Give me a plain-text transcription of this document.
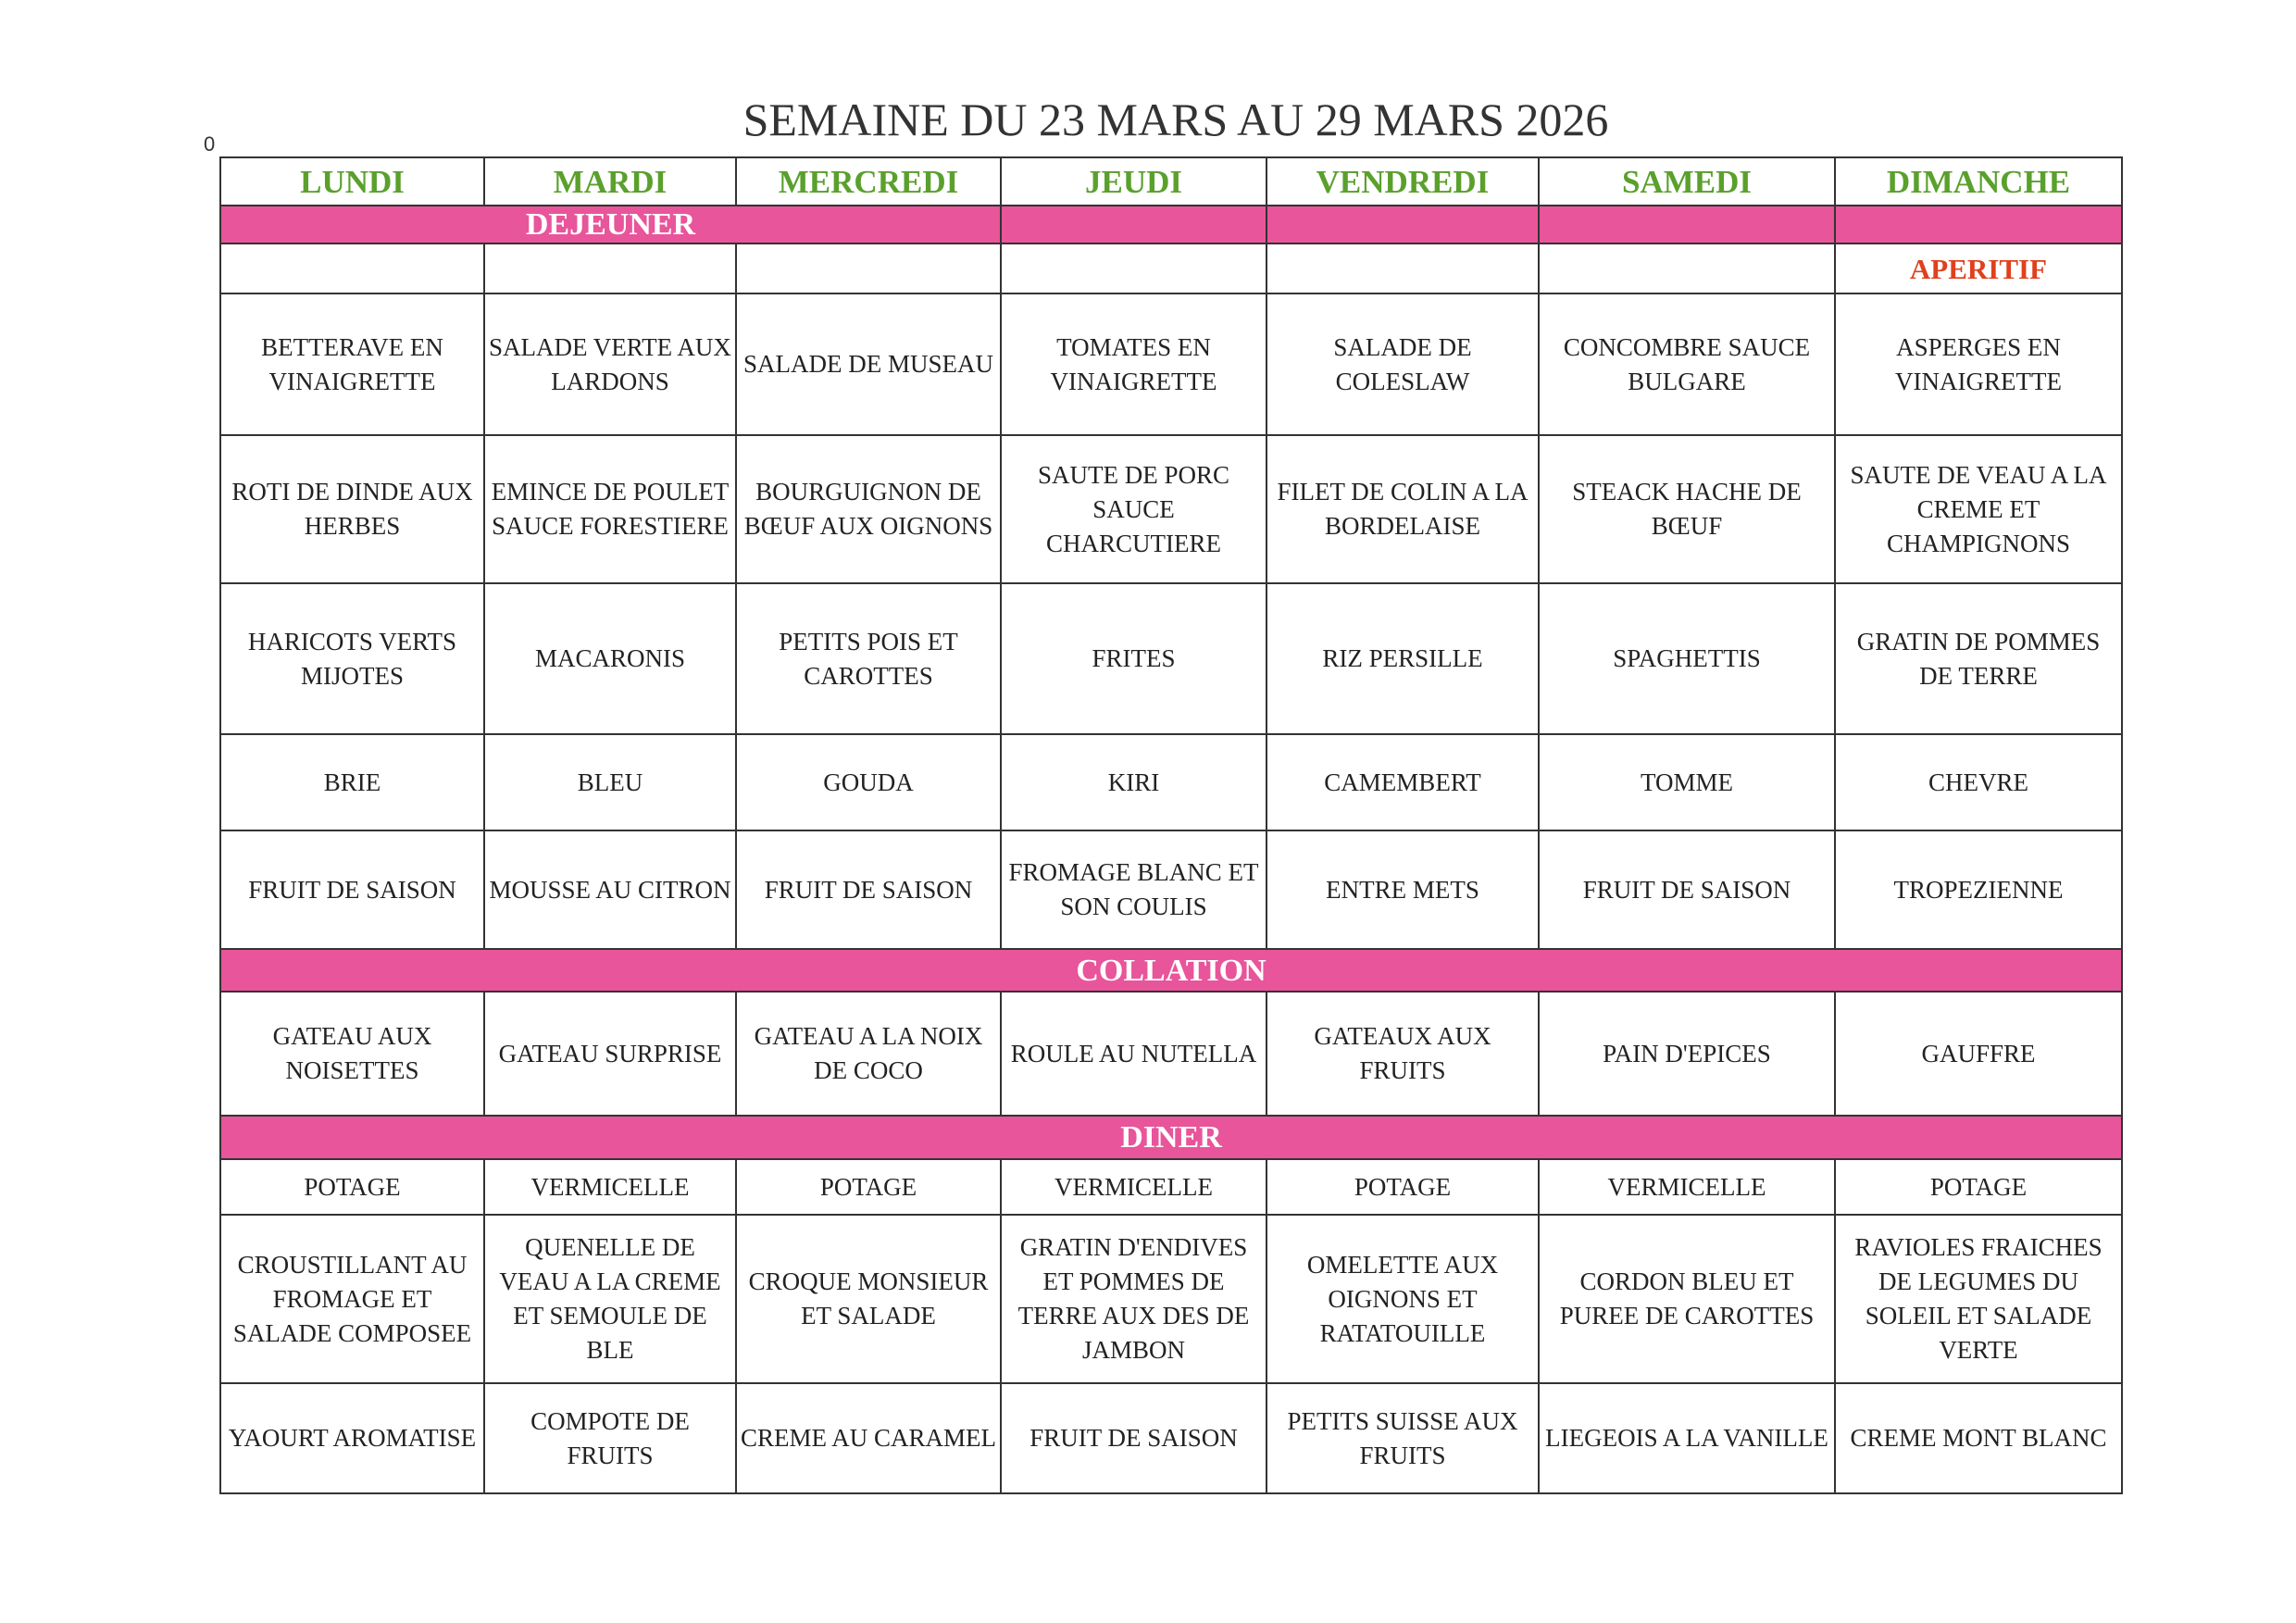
0	SEMAINE DU 23 MARS AU 29 MARS 2026
LUNDI	MARDI	MERCREDI	JEUDI	VENDREDI	SAMEDI	DIMANCHE
DEJEUNER						
						APERITIF
BETTERAVE EN VINAIGRETTE	SALADE VERTE AUX LARDONS	SALADE DE MUSEAU	TOMATES EN VINAIGRETTE	SALADE DE COLESLAW	CONCOMBRE SAUCE BULGARE	ASPERGES EN VINAIGRETTE
ROTI DE DINDE AUX HERBES	EMINCE DE POULET SAUCE FORESTIERE	BOURGUIGNON DE BŒUF AUX OIGNONS	SAUTE DE PORC SAUCE CHARCUTIERE	FILET DE COLIN A LA BORDELAISE	STEACK HACHE DE BŒUF	SAUTE DE VEAU A LA CREME ET CHAMPIGNONS
HARICOTS VERTS MIJOTES	MACARONIS	PETITS POIS ET CAROTTES	FRITES	RIZ PERSILLE	SPAGHETTIS	GRATIN DE POMMES DE TERRE
BRIE	BLEU	GOUDA	KIRI	CAMEMBERT	TOMME	CHEVRE
FRUIT DE SAISON	MOUSSE AU CITRON	FRUIT DE SAISON	FROMAGE BLANC ET SON COULIS	ENTRE METS	FRUIT DE SAISON	TROPEZIENNE
COLLATION						
GATEAU AUX NOISETTES	GATEAU SURPRISE	GATEAU A LA NOIX DE COCO	ROULE AU NUTELLA	GATEAUX AUX FRUITS	PAIN D'EPICES	GAUFFRE
DINER						
POTAGE	VERMICELLE	POTAGE	VERMICELLE	POTAGE	VERMICELLE	POTAGE
CROUSTILLANT AU FROMAGE ET SALADE COMPOSEE	QUENELLE DE VEAU A LA CREME ET SEMOULE DE BLE	CROQUE MONSIEUR ET SALADE	GRATIN D'ENDIVES ET POMMES DE TERRE AUX DES DE JAMBON	OMELETTE AUX OIGNONS ET RATATOUILLE	CORDON BLEU ET PUREE DE CAROTTES	RAVIOLES FRAICHES DE LEGUMES DU SOLEIL ET SALADE VERTE
YAOURT AROMATISE	COMPOTE DE FRUITS	CREME AU CARAMEL	FRUIT DE SAISON	PETITS SUISSE AUX FRUITS	LIEGEOIS A LA VANILLE	CREME MONT BLANC
